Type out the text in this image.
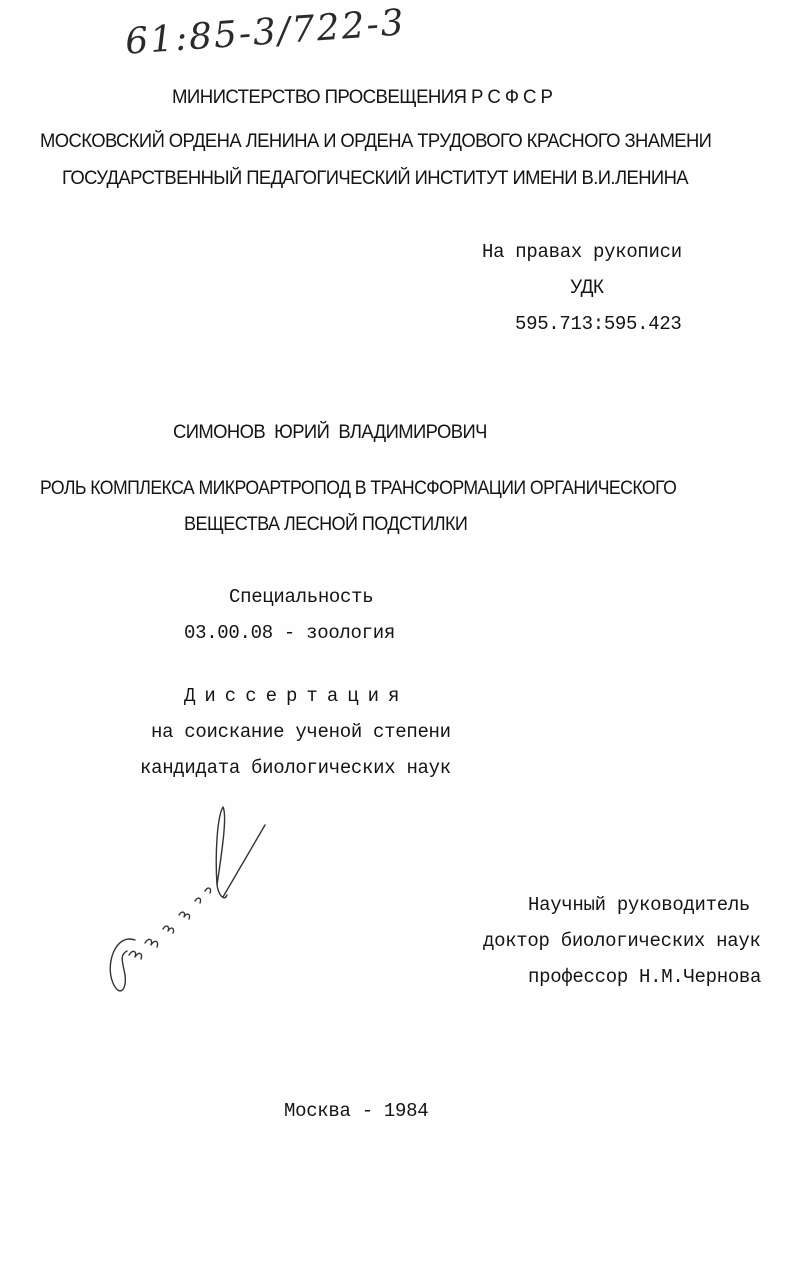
61:85-3/722-3
МИНИСТЕРСТВО ПРОСВЕЩЕНИЯ Р С Ф С Р
МОСКОВСКИЙ ОРДЕНА ЛЕНИНА И ОРДЕНА ТРУДОВОГО КРАСНОГО ЗНАМЕНИ
ГОСУДАРСТВЕННЫЙ ПЕДАГОГИЧЕСКИЙ ИНСТИТУТ ИМЕНИ В.И.ЛЕНИНА
На правах рукописи
УДК
595.713:595.423
СИМОНОВ  ЮРИЙ  ВЛАДИМИРОВИЧ
РОЛЬ КОМПЛЕКСА МИКРОАРТРОПОД В ТРАНСФОРМАЦИИ ОРГАНИЧЕСКОГО
ВЕЩЕСТВА ЛЕСНОЙ ПОДСТИЛКИ
Специальность
03.00.08 - зоология
Диссертация
на соискание ученой степени
кандидата биологических наук
Научный руководитель
доктор биологических наук
профессор Н.М.Чернова
Москва - 1984
